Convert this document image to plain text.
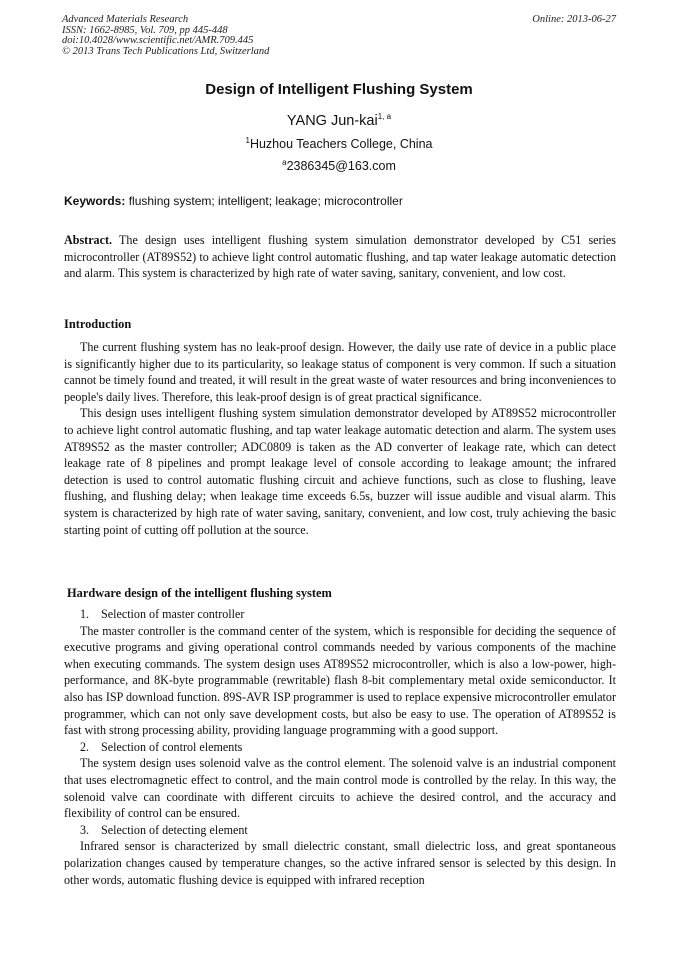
Advanced Materials Research
ISSN: 1662-8985, Vol. 709, pp 445-448
doi:10.4028/www.scientific.net/AMR.709.445
© 2013 Trans Tech Publications Ltd, Switzerland
Online: 2013-06-27
Design of Intelligent Flushing System
YANG Jun-kai$^{1, a}$
$^1$Huzhou Teachers College, China
$^a$2386345@163.com
Keywords: flushing system; intelligent; leakage; microcontroller
Abstract. The design uses intelligent flushing system simulation demonstrator developed by C51 series microcontroller (AT89S52) to achieve light control automatic flushing, and tap water leakage automatic detection and alarm. This system is characterized by high rate of water saving, sanitary, convenient, and low cost.
Introduction

The current flushing system has no leak-proof design. However, the daily use rate of device in a public place is significantly higher due to its particularity, so leakage status of component is very common. If such a situation cannot be timely found and treated, it will result in the great waste of water resources and bring inconveniences to people's daily lives. Therefore, this leak-proof design is of great practical significance.

This design uses intelligent flushing system simulation demonstrator developed by AT89S52 microcontroller to achieve light control automatic flushing, and tap water leakage automatic detection and alarm. The system uses AT89S52 as the master controller; ADC0809 is taken as the AD converter of leakage rate, which can detect leakage rate of 8 pipelines and prompt leakage level of console according to leakage amount; the infrared detection is used to control automatic flushing circuit and achieve functions, such as close to flushing, leave flushing, and flushing delay; when leakage time exceeds 6.5s, buzzer will issue audible and visual alarm. This system is characterized by high rate of water saving, sanitary, convenient, and low cost, truly achieving the basic starting point of cutting off pollution at the source.

Hardware design of the intelligent flushing system

1. Selection of master controller

The master controller is the command center of the system, which is responsible for deciding the sequence of executive programs and giving operational control commands needed by various components of the machine when executing commands. The system design uses AT89S52 microcontroller, which is also a low-power, high-performance, and 8K-byte programmable (rewritable) flash 8-bit complementary metal oxide semiconductor. It also has ISP download function. 89S-AVR ISP programmer is used to replace expensive microcontroller emulator programmer, which can not only save development costs, but also be easy to use. The operation of AT89S52 is fast with strong processing ability, providing language programming with a good support.

2. Selection of control elements

The system design uses solenoid valve as the control element. The solenoid valve is an industrial component that uses electromagnetic effect to control, and the main control mode is controlled by the relay. In this way, the solenoid valve can coordinate with different circuits to achieve the desired control, and the accuracy and flexibility of control can be ensured.

3. Selection of detecting element

Infrared sensor is characterized by small dielectric constant, small dielectric loss, and great spontaneous polarization changes caused by temperature changes, so the active infrared sensor is selected by this design. In other words, automatic flushing device is equipped with infrared reception
